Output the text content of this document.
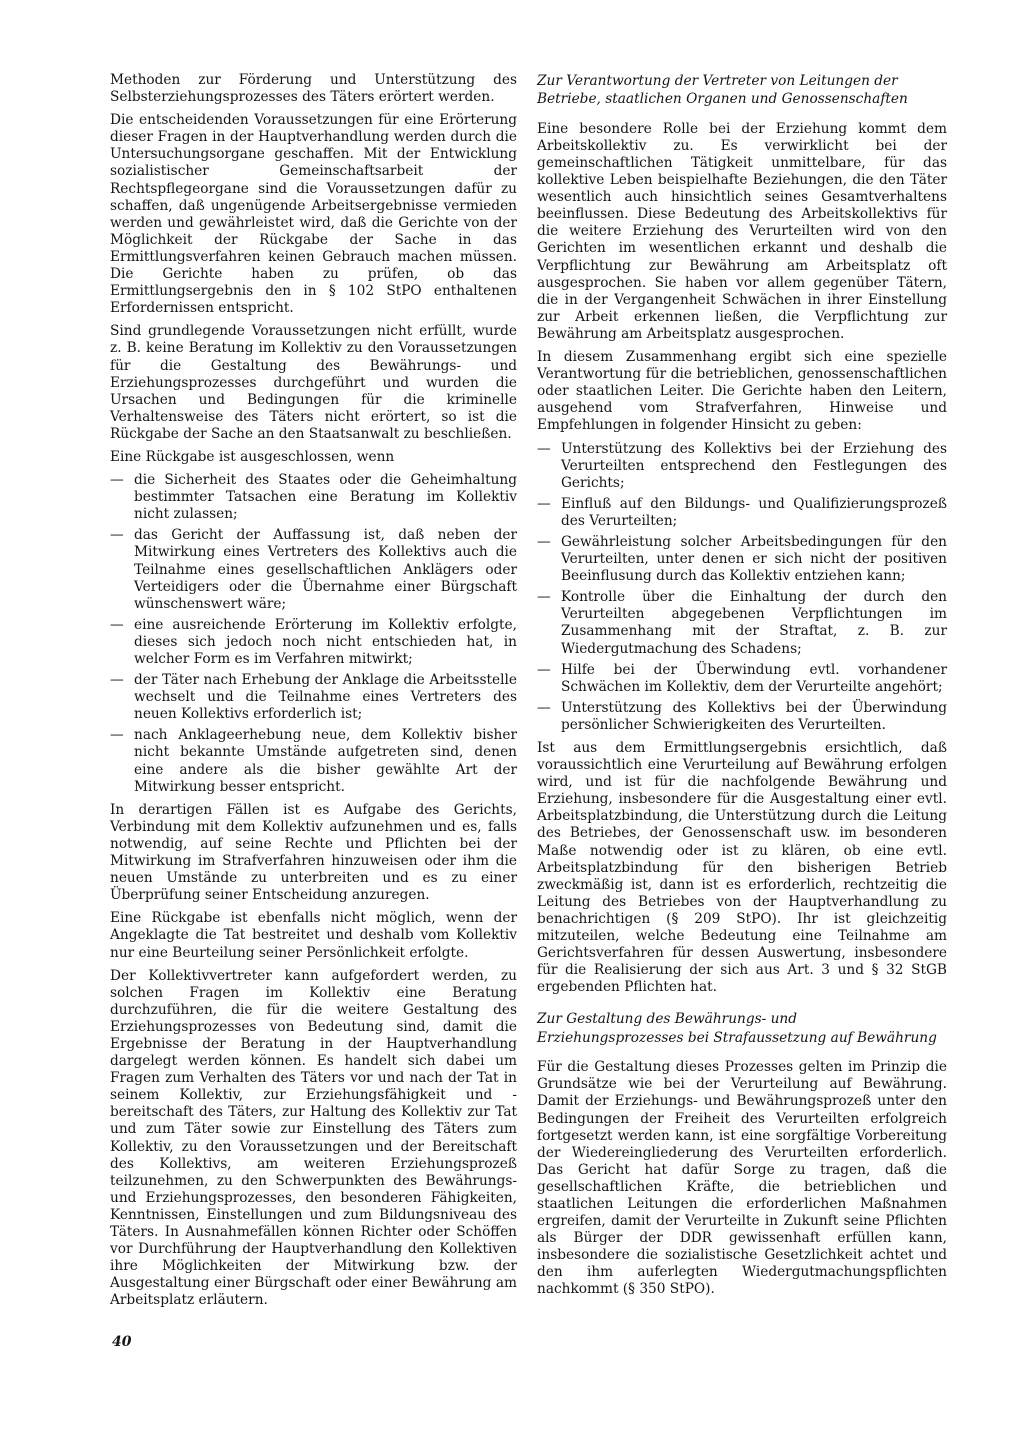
Methoden zur Förderung und Unterstützung des Selbsterziehungsprozesses des Täters erörtert werden.

Die entscheidenden Voraussetzungen für eine Erörterung dieser Fragen in der Hauptverhandlung werden durch die Untersuchungsorgane geschaffen. Mit der Entwicklung sozialistischer Gemeinschaftsarbeit der Rechtspflegeorgane sind die Voraussetzungen dafür zu schaffen, daß ungenügende Arbeitsergebnisse vermieden werden und gewährleistet wird, daß die Gerichte von der Möglichkeit der Rückgabe der Sache in das Ermittlungsverfahren keinen Gebrauch machen müssen. Die Gerichte haben zu prüfen, ob das Ermittlungsergebnis den in § 102 StPO enthaltenen Erfordernissen entspricht.

Sind grundlegende Voraussetzungen nicht erfüllt, wurde z. B. keine Beratung im Kollektiv zu den Voraussetzungen für die Gestaltung des Bewährungs- und Erziehungsprozesses durchgeführt und wurden die Ursachen und Bedingungen für die kriminelle Verhaltensweise des Täters nicht erörtert, so ist die Rückgabe der Sache an den Staatsanwalt zu beschließen.

Eine Rückgabe ist ausgeschlossen, wenn

— die Sicherheit des Staates oder die Geheimhaltung bestimmter Tatsachen eine Beratung im Kollektiv nicht zulassen;
— das Gericht der Auffassung ist, daß neben der Mitwirkung eines Vertreters des Kollektivs auch die Teilnahme eines gesellschaftlichen Anklägers oder Verteidigers oder die Übernahme einer Bürgschaft wünschenswert wäre;
— eine ausreichende Erörterung im Kollektiv erfolgte, dieses sich jedoch noch nicht entschieden hat, in welcher Form es im Verfahren mitwirkt;
— der Täter nach Erhebung der Anklage die Arbeitsstelle wechselt und die Teilnahme eines Vertreters des neuen Kollektivs erforderlich ist;
— nach Anklageerhebung neue, dem Kollektiv bisher nicht bekannte Umstände aufgetreten sind, denen eine andere als die bisher gewählte Art der Mitwirkung besser entspricht.

In derartigen Fällen ist es Aufgabe des Gerichts, Verbindung mit dem Kollektiv aufzunehmen und es, falls notwendig, auf seine Rechte und Pflichten bei der Mitwirkung im Strafverfahren hinzuweisen oder ihm die neuen Umstände zu unterbreiten und es zu einer Überprüfung seiner Entscheidung anzuregen.

Eine Rückgabe ist ebenfalls nicht möglich, wenn der Angeklagte die Tat bestreitet und deshalb vom Kollektiv nur eine Beurteilung seiner Persönlichkeit erfolgte.

Der Kollektivvertreter kann aufgefordert werden, zu solchen Fragen im Kollektiv eine Beratung durchzuführen, die für die weitere Gestaltung des Erziehungsprozesses von Bedeutung sind, damit die Ergebnisse der Beratung in der Hauptverhandlung dargelegt werden können. Es handelt sich dabei um Fragen zum Verhalten des Täters vor und nach der Tat in seinem Kollektiv, zur Erziehungsfähigkeit und -bereitschaft des Täters, zur Haltung des Kollektiv zur Tat und zum Täter sowie zur Einstellung des Täters zum Kollektiv, zu den Voraussetzungen und der Bereitschaft des Kollektivs, am weiteren Erziehungsprozeß teilzunehmen, zu den Schwerpunkten des Bewährungs- und Erziehungsprozesses, den besonderen Fähigkeiten, Kenntnissen, Einstellungen und zum Bildungsniveau des Täters. In Ausnahmefällen können Richter oder Schöffen vor Durchführung der Hauptverhandlung den Kollektiven ihre Möglichkeiten der Mitwirkung bzw. der Ausgestaltung einer Bürgschaft oder einer Bewährung am Arbeitsplatz erläutern.

Zur Verantwortung der Vertreter von Leitungen der Betriebe, staatlichen Organen und Genossenschaften

Eine besondere Rolle bei der Erziehung kommt dem Arbeitskollektiv zu. Es verwirklicht bei der gemeinschaftlichen Tätigkeit unmittelbare, für das kollektive Leben beispielhafte Beziehungen, die den Täter wesentlich auch hinsichtlich seines Gesamtverhaltens beeinflussen. Diese Bedeutung des Arbeitskollektivs für die weitere Erziehung des Verurteilten wird von den Gerichten im wesentlichen erkannt und deshalb die Verpflichtung zur Bewährung am Arbeitsplatz oft ausgesprochen. Sie haben vor allem gegenüber Tätern, die in der Vergangenheit Schwächen in ihrer Einstellung zur Arbeit erkennen ließen, die Verpflichtung zur Bewährung am Arbeitsplatz ausgesprochen.

In diesem Zusammenhang ergibt sich eine spezielle Verantwortung für die betrieblichen, genossenschaftlichen oder staatlichen Leiter. Die Gerichte haben den Leitern, ausgehend vom Strafverfahren, Hinweise und Empfehlungen in folgender Hinsicht zu geben:

— Unterstützung des Kollektivs bei der Erziehung des Verurteilten entsprechend den Festlegungen des Gerichts;
— Einfluß auf den Bildungs- und Qualifizierungsprozeß des Verurteilten;
— Gewährleistung solcher Arbeitsbedingungen für den Verurteilten, unter denen er sich nicht der positiven Beeinflusung durch das Kollektiv entziehen kann;
— Kontrolle über die Einhaltung der durch den Verurteilten abgegebenen Verpflichtungen im Zusammenhang mit der Straftat, z. B. zur Wiedergutmachung des Schadens;
— Hilfe bei der Überwindung evtl. vorhandener Schwächen im Kollektiv, dem der Verurteilte angehört;
— Unterstützung des Kollektivs bei der Überwindung persönlicher Schwierigkeiten des Verurteilten.

Ist aus dem Ermittlungsergebnis ersichtlich, daß voraussichtlich eine Verurteilung auf Bewährung erfolgen wird, und ist für die nachfolgende Bewährung und Erziehung, insbesondere für die Ausgestaltung einer evtl. Arbeitsplatzbindung, die Unterstützung durch die Leitung des Betriebes, der Genossenschaft usw. im besonderen Maße notwendig oder ist zu klären, ob eine evtl. Arbeitsplatzbindung für den bisherigen Betrieb zweckmäßig ist, dann ist es erforderlich, rechtzeitig die Leitung des Betriebes von der Hauptverhandlung zu benachrichtigen (§ 209 StPO). Ihr ist gleichzeitig mitzuteilen, welche Bedeutung eine Teilnahme am Gerichtsverfahren für dessen Auswertung, insbesondere für die Realisierung der sich aus Art. 3 und § 32 StGB ergebenden Pflichten hat.

Zur Gestaltung des Bewährungs- und Erziehungsprozesses bei Strafaussetzung auf Bewährung

Für die Gestaltung dieses Prozesses gelten im Prinzip die Grundsätze wie bei der Verurteilung auf Bewährung. Damit der Erziehungs- und Bewährungsprozeß unter den Bedingungen der Freiheit des Verurteilten erfolgreich fortgesetzt werden kann, ist eine sorgfältige Vorbereitung der Wiedereingliederung des Verurteilten erforderlich. Das Gericht hat dafür Sorge zu tragen, daß die gesellschaftlichen Kräfte, die betrieblichen und staatlichen Leitungen die erforderlichen Maßnahmen ergreifen, damit der Verurteilte in Zukunft seine Pflichten als Bürger der DDR gewissenhaft erfüllen kann, insbesondere die sozialistische Gesetzlichkeit achtet und den ihm auferlegten Wiedergutmachungspflichten nachkommt (§ 350 StPO).

40
